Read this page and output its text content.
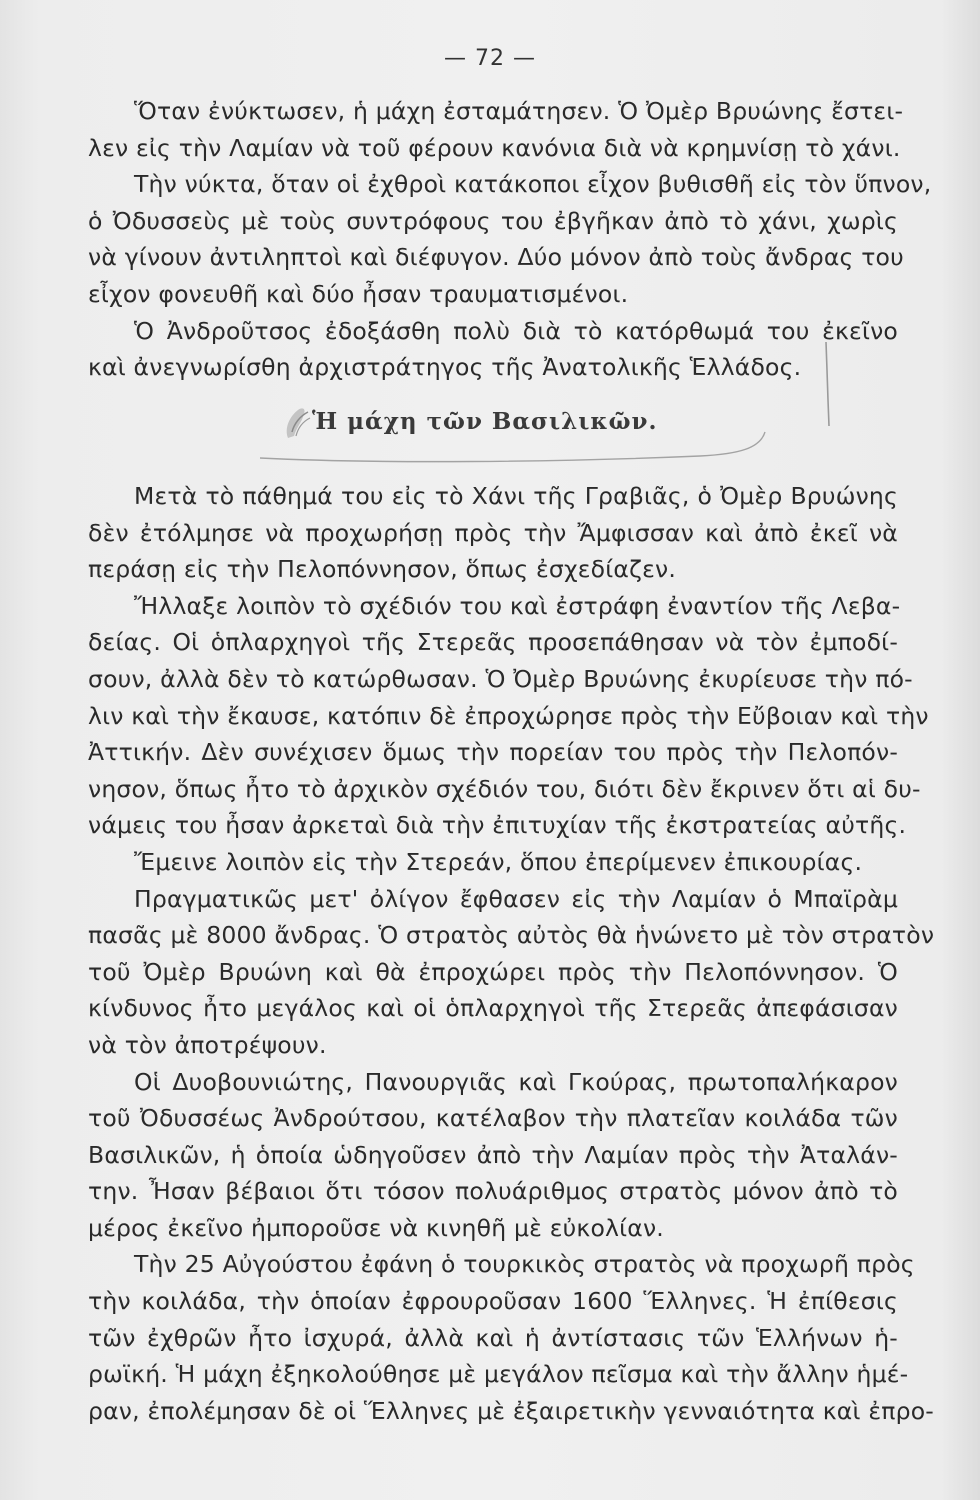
— 72 —
Ὅταν ἐνύκτωσεν, ἡ μάχη ἐσταμάτησεν. Ὁ Ὀμὲρ Βρυώνης ἔστει-
λεν εἰς τὴν Λαμίαν νὰ τοῦ φέρουν κανόνια διὰ νὰ κρημνίσῃ τὸ χάνι.
Τὴν νύκτα, ὅταν οἱ ἐχθροὶ κατάκοποι εἶχον βυθισθῆ εἰς τὸν ὕπνον,
ὁ Ὀδυσσεὺς μὲ τοὺς συντρόφους του ἐβγῆκαν ἀπὸ τὸ χάνι, χωρὶς
νὰ γίνουν ἀντιληπτοὶ καὶ διέφυγον. Δύο μόνον ἀπὸ τοὺς ἄνδρας του
εἶχον φονευθῆ καὶ δύο ἦσαν τραυματισμένοι.
Ὁ Ἀνδροῦτσος ἐδοξάσθη πολὺ διὰ τὸ κατόρθωμά του ἐκεῖνο
καὶ ἀνεγνωρίσθη ἀρχιστράτηγος τῆς Ἀνατολικῆς Ἑλλάδος.
Ἡ μάχη τῶν Βασιλικῶν.
Μετὰ τὸ πάθημά του εἰς τὸ Χάνι τῆς Γραβιᾶς, ὁ Ὀμὲρ Βρυώνης
δὲν ἐτόλμησε νὰ προχωρήσῃ πρὸς τὴν Ἄμφισσαν καὶ ἀπὸ ἐκεῖ νὰ
περάσῃ εἰς τὴν Πελοπόννησον, ὅπως ἐσχεδίαζεν.
Ἤλλαξε λοιπὸν τὸ σχέδιόν του καὶ ἐστράφη ἐναντίον τῆς Λεβα-
δείας. Οἱ ὁπλαρχηγοὶ τῆς Στερεᾶς προσεπάθησαν νὰ τὸν ἐμποδί-
σουν, ἀλλὰ δὲν τὸ κατώρθωσαν. Ὁ Ὀμὲρ Βρυώνης ἐκυρίευσε τὴν πό-
λιν καὶ τὴν ἔκαυσε, κατόπιν δὲ ἐπροχώρησε πρὸς τὴν Εὔβοιαν καὶ τὴν
Ἀττικήν. Δὲν συνέχισεν ὅμως τὴν πορείαν του πρὸς τὴν Πελοπόν-
νησον, ὅπως ἦτο τὸ ἀρχικὸν σχέδιόν του, διότι δὲν ἔκρινεν ὅτι αἱ δυ-
νάμεις του ἦσαν ἀρκεταὶ διὰ τὴν ἐπιτυχίαν τῆς ἐκστρατείας αὐτῆς.
Ἔμεινε λοιπὸν εἰς τὴν Στερεάν, ὅπου ἐπερίμενεν ἐπικουρίας.
Πραγματικῶς μετ' ὀλίγον ἔφθασεν εἰς τὴν Λαμίαν ὁ Μπαϊρὰμ
πασᾶς μὲ 8000 ἄνδρας. Ὁ στρατὸς αὐτὸς θὰ ἡνώνετο μὲ τὸν στρατὸν
τοῦ Ὀμὲρ Βρυώνη καὶ θὰ ἐπροχώρει πρὸς τὴν Πελοπόννησον. Ὁ
κίνδυνος ἦτο μεγάλος καὶ οἱ ὁπλαρχηγοὶ τῆς Στερεᾶς ἀπεφάσισαν
νὰ τὸν ἀποτρέψουν.
Οἱ Δυοβουνιώτης, Πανουργιᾶς καὶ Γκούρας, πρωτοπαλήκαρον
τοῦ Ὀδυσσέως Ἀνδρούτσου, κατέλαβον τὴν πλατεῖαν κοιλάδα τῶν
Βασιλικῶν, ἡ ὁποία ὡδηγοῦσεν ἀπὸ τὴν Λαμίαν πρὸς τὴν Ἀταλάν-
την. Ἦσαν βέβαιοι ὅτι τόσον πολυάριθμος στρατὸς μόνον ἀπὸ τὸ
μέρος ἐκεῖνο ἠμποροῦσε νὰ κινηθῆ μὲ εὐκολίαν.
Τὴν 25 Αὐγούστου ἐφάνη ὁ τουρκικὸς στρατὸς νὰ προχωρῆ πρὸς
τὴν κοιλάδα, τὴν ὁποίαν ἐφρουροῦσαν 1600 Ἕλληνες. Ἡ ἐπίθεσις
τῶν ἐχθρῶν ἦτο ἰσχυρά, ἀλλὰ καὶ ἡ ἀντίστασις τῶν Ἑλλήνων ἡ-
ρωϊκή. Ἡ μάχη ἐξηκολούθησε μὲ μεγάλον πεῖσμα καὶ τὴν ἄλλην ἡμέ-
ραν, ἐπολέμησαν δὲ οἱ Ἕλληνες μὲ ἐξαιρετικὴν γενναιότητα καὶ ἐπρο-
